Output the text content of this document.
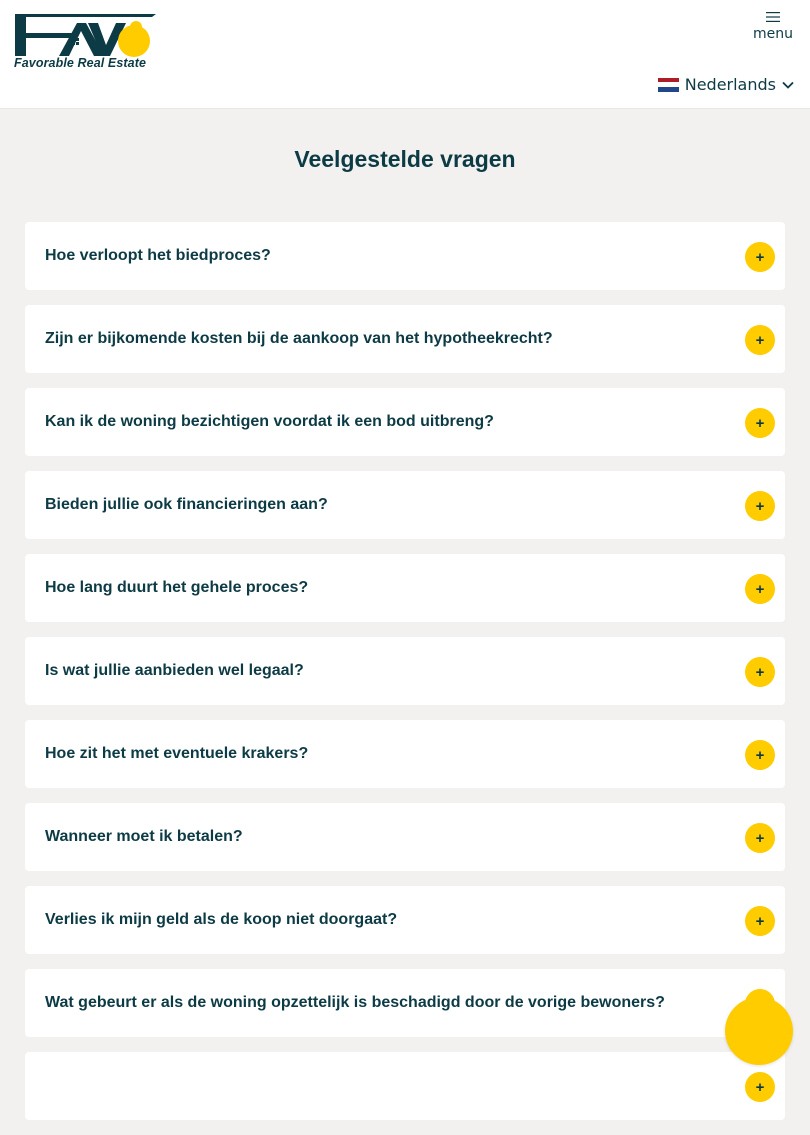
Favorable Real Estate
menu
Nederlands
Veelgestelde vragen
Hoe verloopt het biedproces?	+
Zijn er bijkomende kosten bij de aankoop van het hypotheekrecht?	+
Kan ik de woning bezichtigen voordat ik een bod uitbreng?	+
Bieden jullie ook financieringen aan?	+
Hoe lang duurt het gehele proces?	+
Is wat jullie aanbieden wel legaal?	+
Hoe zit het met eventuele krakers?	+
Wanneer moet ik betalen?	+
Verlies ik mijn geld als de koop niet doorgaat?	+
Wat gebeurt er als de woning opzettelijk is beschadigd door de vorige bewoners?
+
